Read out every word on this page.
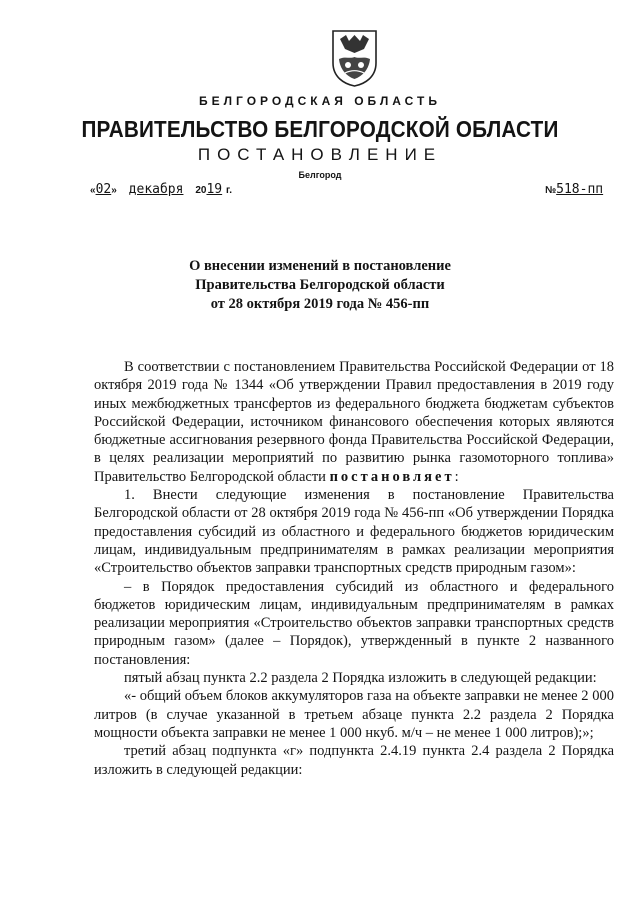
БЕЛГОРОДСКАЯ ОБЛАСТЬ
ПРАВИТЕЛЬСТВО БЕЛГОРОДСКОЙ ОБЛАСТИ
ПОСТАНОВЛЕНИЕ
Белгород
«02» декабря 2019 г.	№518-пп
О внесении изменений в постановление
Правительства Белгородской области
от 28 октября 2019 года № 456-пп

В соответствии с постановлением Правительства Российской Федерации от 18 октября 2019 года № 1344 «Об утверждении Правил предоставления в 2019 году иных межбюджетных трансфертов из федерального бюджета бюджетам субъектов Российской Федерации, источником финансового обеспечения которых являются бюджетные ассигнования резервного фонда Правительства Российской Федерации, в целях реализации мероприятий по развитию рынка газомоторного топлива» Правительство Белгородской области постановляет:

1. Внести следующие изменения в постановление Правительства Белгородской области от 28 октября 2019 года № 456-пп «Об утверждении Порядка предоставления субсидий из областного и федерального бюджетов юридическим лицам, индивидуальным предпринимателям в рамках реализации мероприятия «Строительство объектов заправки транспортных средств природным газом»:

– в Порядок предоставления субсидий из областного и федерального бюджетов юридическим лицам, индивидуальным предпринимателям в рамках реализации мероприятия «Строительство объектов заправки транспортных средств природным газом» (далее – Порядок), утвержденный в пункте 2 названного постановления:

пятый абзац пункта 2.2 раздела 2 Порядка изложить в следующей редакции:

«- общий объем блоков аккумуляторов газа на объекте заправки не менее 2 000 литров (в случае указанной в третьем абзаце пункта 2.2 раздела 2 Порядка мощности объекта заправки не менее 1 000 нкуб. м/ч – не менее 1 000 литров);»;

третий абзац подпункта «г» подпункта 2.4.19 пункта 2.4 раздела 2 Порядка изложить в следующей редакции:
